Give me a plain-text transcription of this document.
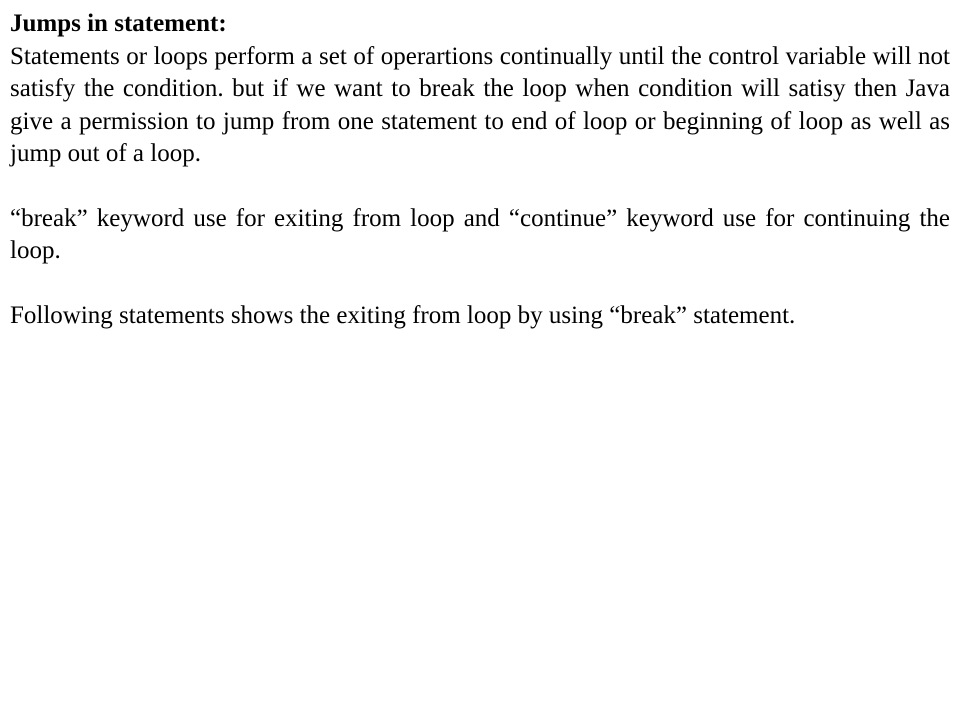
Jumps in statement:

Statements or loops perform a set of operartions continually until the control variable will not satisfy the condition. but if we want to break the loop when condition will satisy then Java give a permission to jump from one statement to end of loop or beginning of loop as well as jump out of a loop.

“break” keyword use for exiting from loop and “continue” keyword use for continuing the loop.

Following statements shows the exiting from loop by using “break” statement.
